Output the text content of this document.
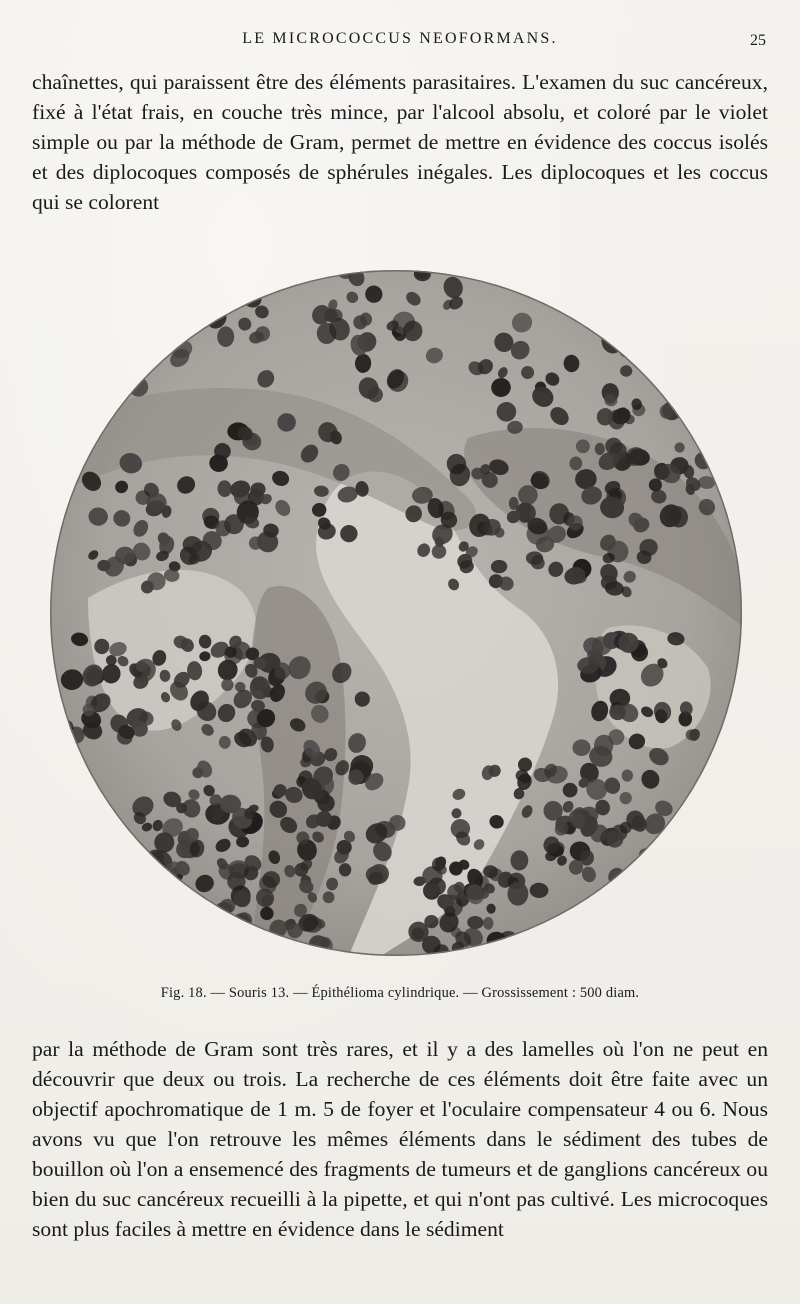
LE MICROCOCCUS NEOFORMANS.	25
chaînettes, qui paraissent être des éléments parasitaires. L'examen du suc cancéreux, fixé à l'état frais, en couche très mince, par l'alcool absolu, et coloré par le violet simple ou par la méthode de Gram, permet de mettre en évidence des coccus isolés et des diplocoques composés de sphérules inégales. Les diplocoques et les coccus qui se colorent
Fig. 18. — Souris 13. — Épithélioma cylindrique. — Grossissement : 500 diam.
par la méthode de Gram sont très rares, et il y a des lamelles où l'on ne peut en découvrir que deux ou trois. La recherche de ces éléments doit être faite avec un objectif apochromatique de 1 m. 5 de foyer et l'oculaire compensateur 4 ou 6. Nous avons vu que l'on retrouve les mêmes éléments dans le sédiment des tubes de bouillon où l'on a ensemencé des fragments de tumeurs et de ganglions cancéreux ou bien du suc cancéreux recueilli à la pipette, et qui n'ont pas cultivé. Les microcoques sont plus faciles à mettre en évidence dans le sédiment
